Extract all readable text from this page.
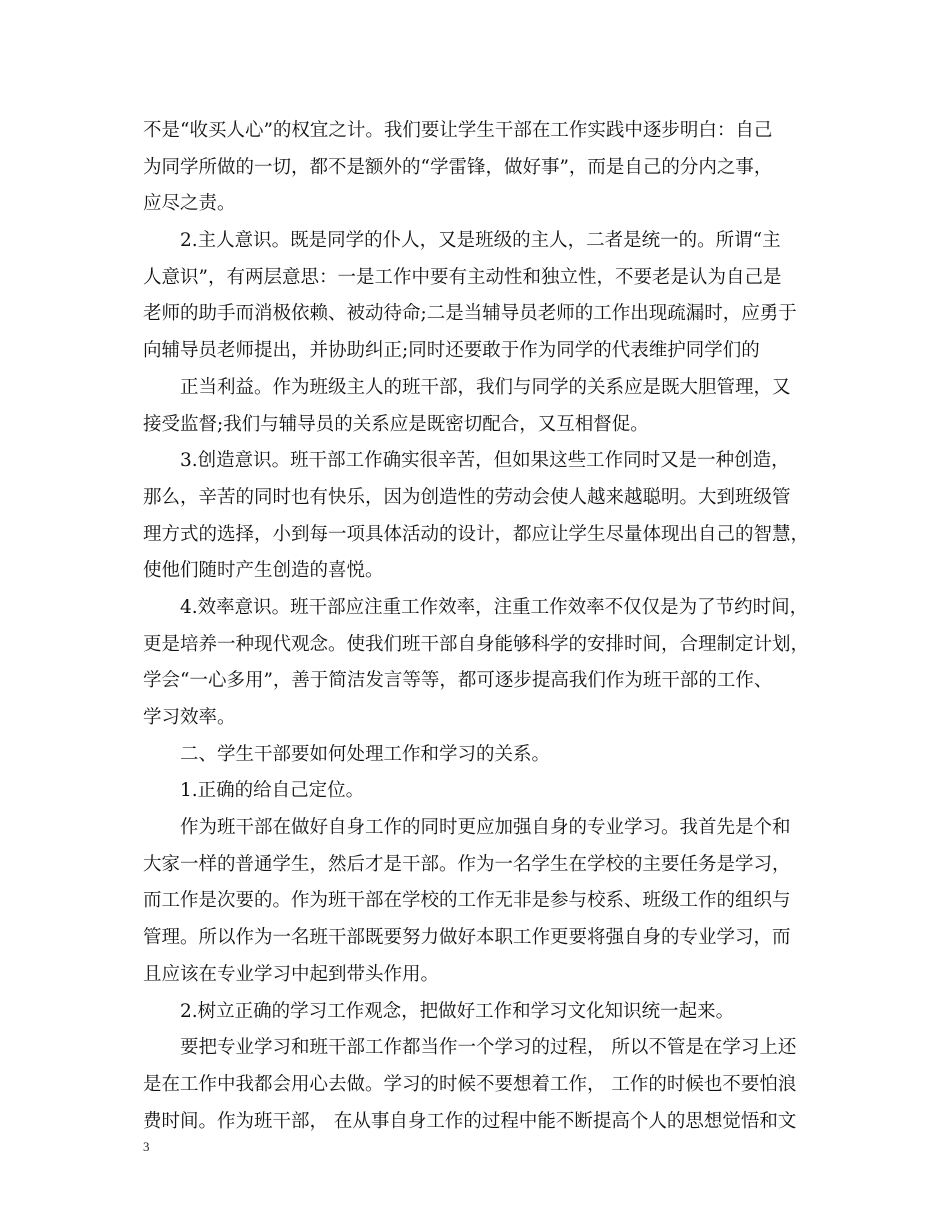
不是“收买人心”的权宜之计。我们要让学生干部在工作实践中逐步明白：自己
为同学所做的一切，都不是额外的“学雷锋，做好事”，而是自己的分内之事，
应尽之责。
2.主人意识。既是同学的仆人，又是班级的主人，二者是统一的。所谓“主
人意识”，有两层意思：一是工作中要有主动性和独立性，不要老是认为自己是
老师的助手而消极依赖、被动待命;二是当辅导员老师的工作出现疏漏时，应勇于
向辅导员老师提出，并协助纠正;同时还要敢于作为同学的代表维护同学们的
正当利益。作为班级主人的班干部，我们与同学的关系应是既大胆管理，又
接受监督;我们与辅导员的关系应是既密切配合，又互相督促。
3.创造意识。班干部工作确实很辛苦，但如果这些工作同时又是一种创造，
那么，辛苦的同时也有快乐，因为创造性的劳动会使人越来越聪明。大到班级管
理方式的选择，小到每一项具体活动的设计，都应让学生尽量体现出自己的智慧，
使他们随时产生创造的喜悦。
4.效率意识。班干部应注重工作效率，注重工作效率不仅仅是为了节约时间，
更是培养一种现代观念。使我们班干部自身能够科学的安排时间，合理制定计划，
学会“一心多用”，善于简洁发言等等，都可逐步提高我们作为班干部的工作、
学习效率。
二、学生干部要如何处理工作和学习的关系。
1.正确的给自己定位。
作为班干部在做好自身工作的同时更应加强自身的专业学习。我首先是个和
大家一样的普通学生，然后才是干部。作为一名学生在学校的主要任务是学习，
而工作是次要的。作为班干部在学校的工作无非是参与校系、班级工作的组织与
管理。所以作为一名班干部既要努力做好本职工作更要将强自身的专业学习，而
且应该在专业学习中起到带头作用。
2.树立正确的学习工作观念，把做好工作和学习文化知识统一起来。
要把专业学习和班干部工作都当作一个学习的过程， 所以不管是在学习上还
是在工作中我都会用心去做。学习的时候不要想着工作， 工作的时候也不要怕浪
费时间。作为班干部， 在从事自身工作的过程中能不断提高个人的思想觉悟和文
3
